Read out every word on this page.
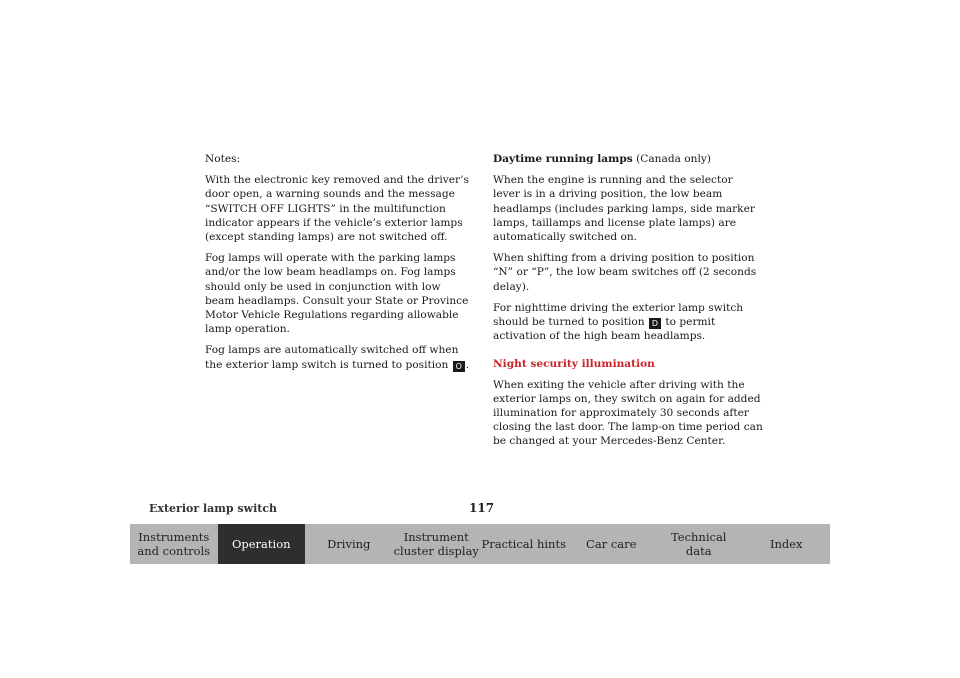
Notes:

With the electronic key removed and the driver’s door open, a warning sounds and the message “SWITCH OFF LIGHTS” in the multifunction indicator appears if the vehicle’s exterior lamps (except standing lamps) are not switched off.

Fog lamps will operate with the parking lamps and/or the low beam headlamps on. Fog lamps should only be used in conjunction with low beam headlamps. Consult your State or Province Motor Vehicle Regulations regarding allowable lamp operation.

Fog lamps are automatically switched off when the exterior lamp switch is turned to position O .

Daytime running lamps (Canada only)

When the engine is running and the selector lever is in a driving position, the low beam headlamps (includes parking lamps, side marker lamps, taillamps and license plate lamps) are automatically switched on.

When shifting from a driving position to position “N” or “P”, the low beam switches off (2 seconds delay).

For nighttime driving the exterior lamp switch should be turned to position D to permit activation of the high beam headlamps.

Night security illumination

When exiting the vehicle after driving with the exterior lamps on, they switch on again for added illumination for approximately 30 seconds after closing the last door. The lamp-on time period can be changed at your Mercedes-Benz Center.

Exterior lamp switch	117
Instruments
and controls Operation	Driving	Instrument
cluster display Practical hints Car care	Technical
data	Index
